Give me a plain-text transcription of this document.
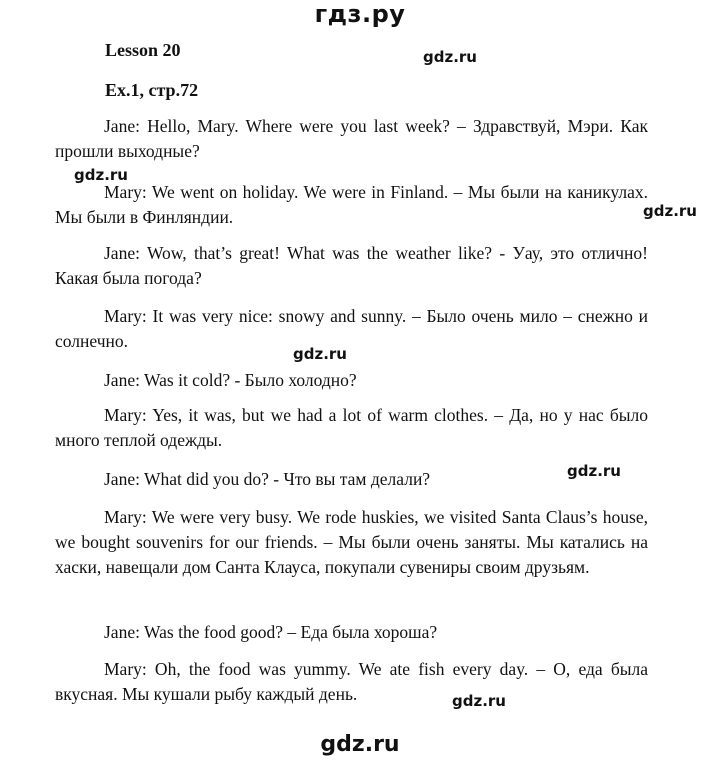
гдз.ру
Lesson 20
Ex.1, стр.72
Jane: Hello, Mary. Where were you last week? – Здравствуй, Мэри. Как прошли выходные?
Mary: We went on holiday. We were in Finland. – Мы были на каникулах. Мы были в Финляндии.
Jane: Wow, that’s great! What was the weather like? - Уау, это отлично! Какая была погода?
Mary: It was very nice: snowy and sunny. – Было очень мило – снежно и солнечно.
Jane: Was it cold? - Было холодно?
Mary: Yes, it was, but we had a lot of warm clothes. – Да, но у нас было много теплой одежды.
Jane: What did you do? - Что вы там делали?
Mary: We were very busy. We rode huskies, we visited Santa Claus’s house, we bought souvenirs for our friends. – Мы были очень заняты. Мы катались на хаски, навещали дом Санта Клауса, покупали сувениры своим друзьям.
Jane: Was the food good? – Еда была хороша?
Mary: Oh, the food was yummy. We ate fish every day. – О, еда была вкусная. Мы кушали рыбу каждый день.
gdz.ru
gdz.ru
gdz.ru
gdz.ru
gdz.ru
gdz.ru
gdz.ru
